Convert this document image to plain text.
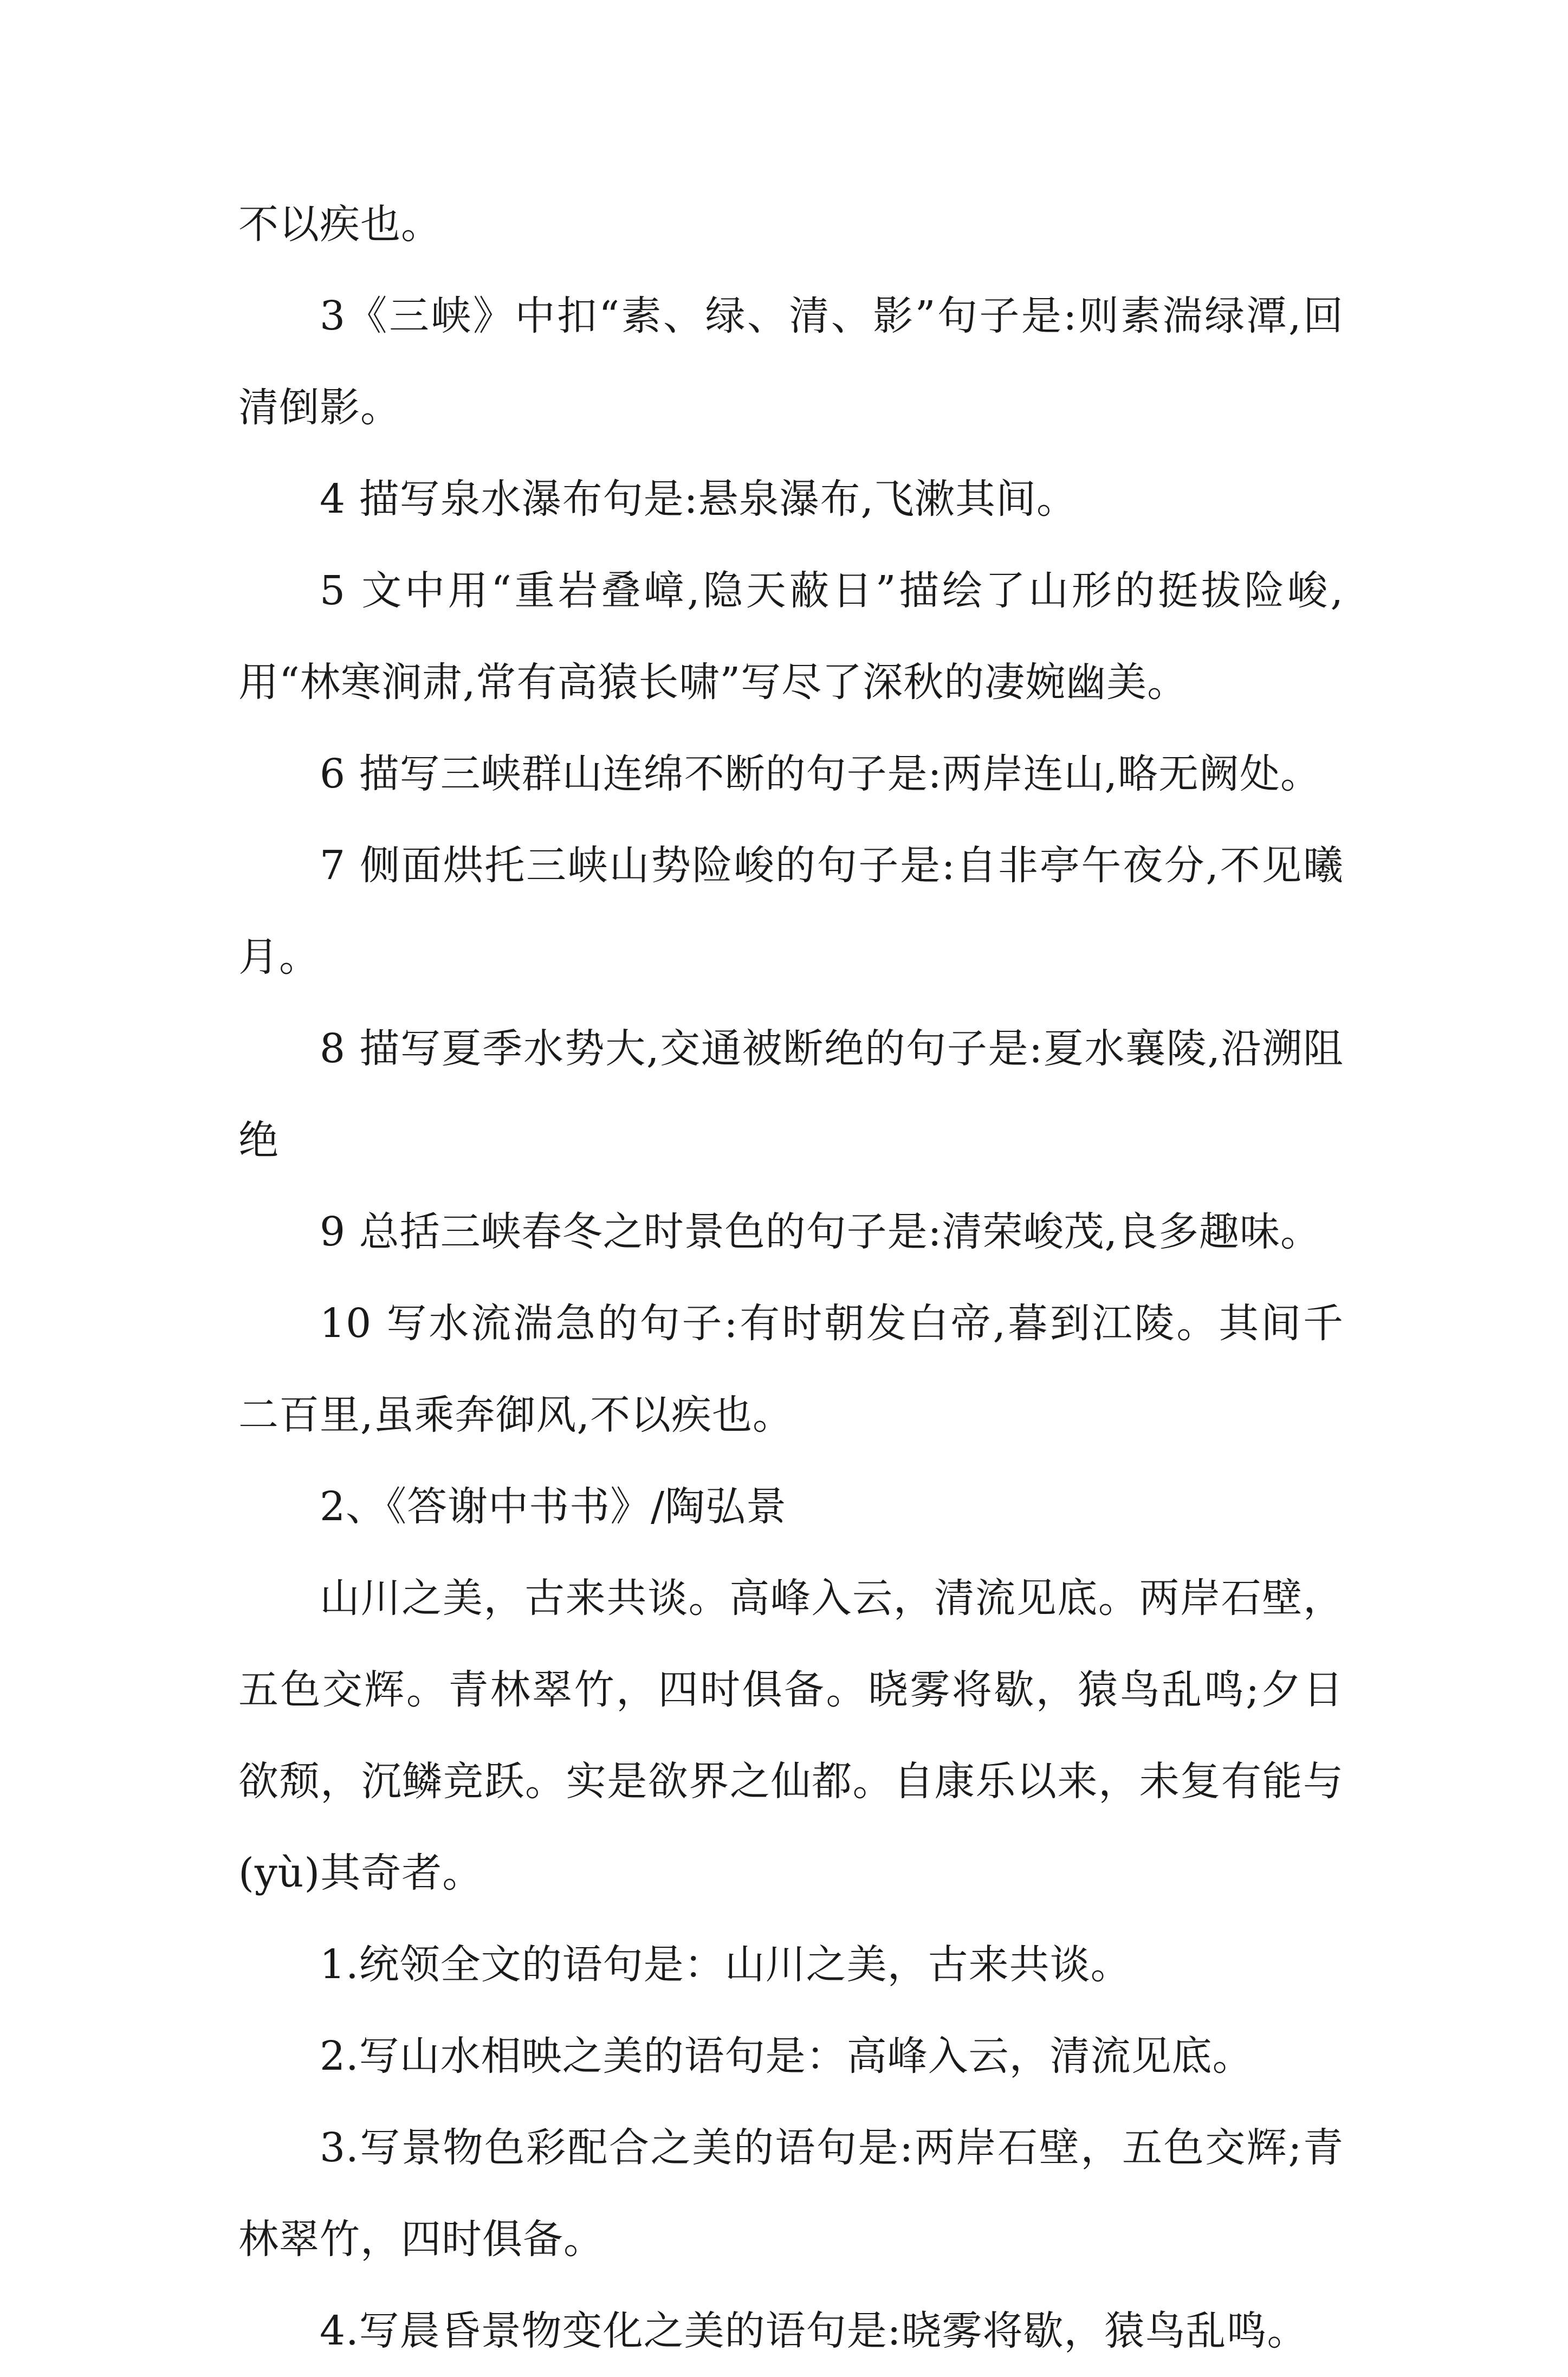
不以疾也。

3《三峡》中扣“素、绿、清、影”句子是:则素湍绿潭,回清倒影。

4 描写泉水瀑布句是:悬泉瀑布,飞漱其间。

5 文中用“重岩叠嶂,隐天蔽日”描绘了山形的挺拔险峻,用“林寒涧肃,常有高猿长啸”写尽了深秋的凄婉幽美。

6 描写三峡群山连绵不断的句子是:两岸连山,略无阙处。

7 侧面烘托三峡山势险峻的句子是:自非亭午夜分,不见曦月。

8 描写夏季水势大,交通被断绝的句子是:夏水襄陵,沿溯阻绝

9 总括三峡春冬之时景色的句子是:清荣峻茂,良多趣味。

10 写水流湍急的句子:有时朝发白帝,暮到江陵。其间千二百里,虽乘奔御风,不以疾也。

2、《答谢中书书》/陶弘景

山川之美，古来共谈。高峰入云，清流见底。两岸石壁，五色交辉。青林翠竹，四时俱备。晓雾将歇，猿鸟乱鸣;夕日欲颓，沉鳞竞跃。实是欲界之仙都。自康乐以来，未复有能与(yù)其奇者。

1.统领全文的语句是：山川之美，古来共谈。

2.写山水相映之美的语句是：高峰入云，清流见底。

3.写景物色彩配合之美的语句是:两岸石壁，五色交辉;青林翠竹，四时俱备。

4.写晨昏景物变化之美的语句是:晓雾将歇，猿鸟乱鸣。
